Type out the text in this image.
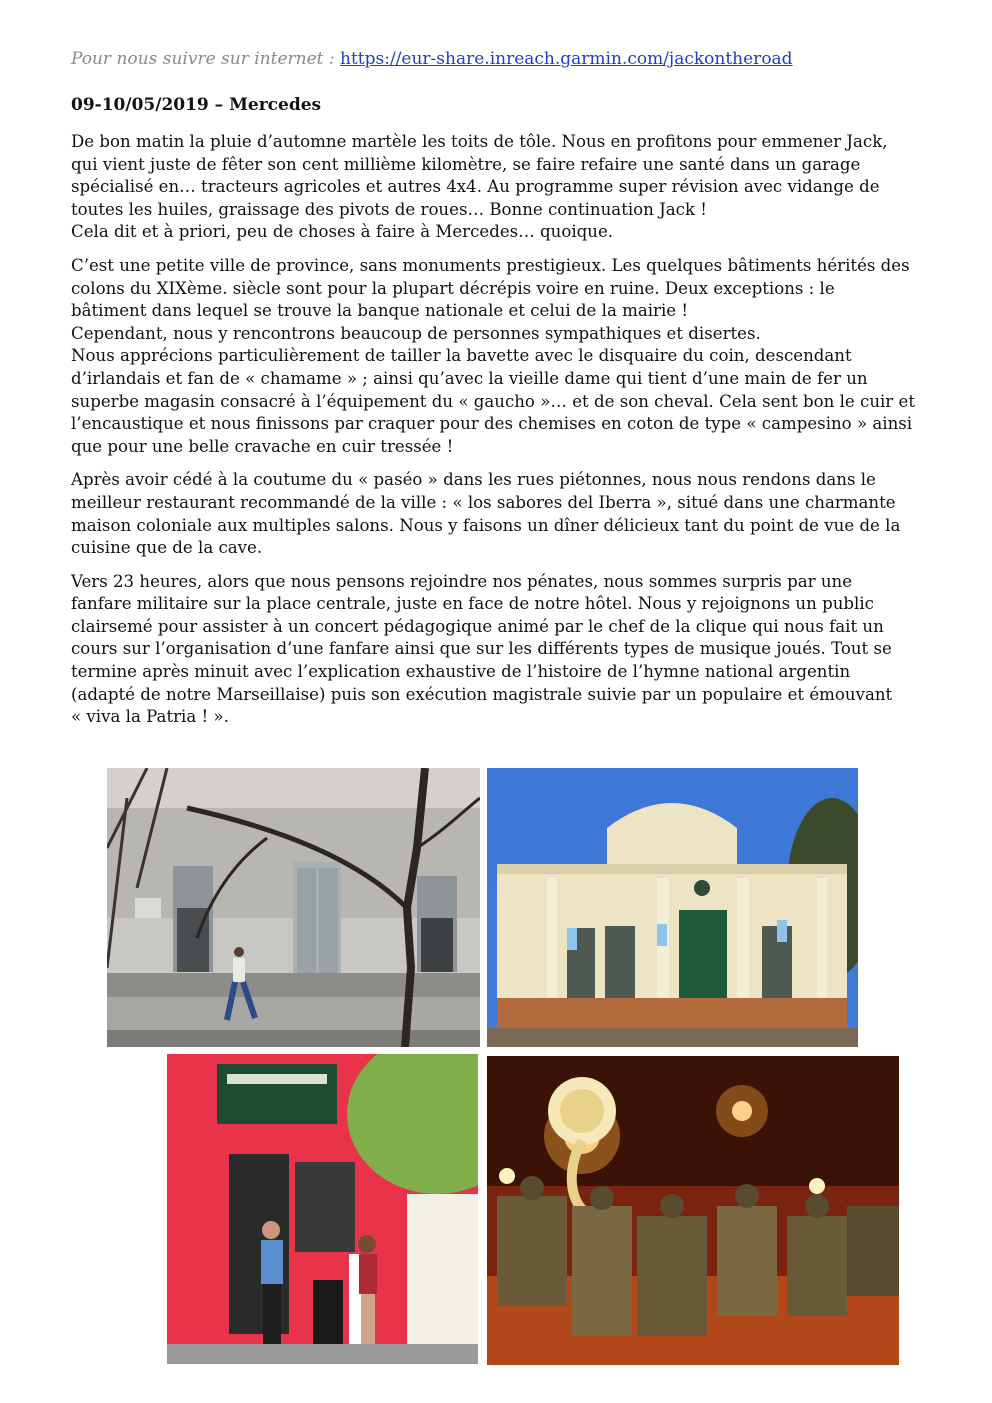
Pour nous suivre sur internet : https://eur-share.inreach.garmin.com/jackontheroad
09-10/05/2019 – Mercedes

De bon matin la pluie d’automne martèle les toits de tôle. Nous en profitons pour emmener Jack,
qui vient juste de fêter son cent millième kilomètre, se faire refaire une santé dans un garage
spécialisé en… tracteurs agricoles et autres 4x4. Au programme super révision avec vidange de
toutes les huiles, graissage des pivots de roues… Bonne continuation Jack !
Cela dit et à priori, peu de choses à faire à Mercedes… quoique.

C’est une petite ville de province, sans monuments prestigieux. Les quelques bâtiments hérités des
colons du XIXème. siècle sont pour la plupart décrépis voire en ruine. Deux exceptions : le
bâtiment dans lequel se trouve la banque nationale et celui de la mairie !
Cependant, nous y rencontrons beaucoup de personnes sympathiques et disertes.
Nous apprécions particulièrement de tailler la bavette avec le disquaire du coin, descendant
d’irlandais et fan de « chamame » ; ainsi qu’avec la vieille dame qui tient d’une main de fer un
superbe magasin consacré à l’équipement du « gaucho »… et de son cheval. Cela sent bon le cuir et
l’encaustique et nous finissons par craquer pour des chemises en coton de type « campesino » ainsi
que pour une belle cravache en cuir tressée !

Après avoir cédé à la coutume du « paséo » dans les rues piétonnes, nous nous rendons dans le
meilleur restaurant recommandé de la ville : « los sabores del Iberra », situé dans une charmante
maison coloniale aux multiples salons. Nous y faisons un dîner délicieux tant du point de vue de la
cuisine que de la cave.

Vers 23 heures, alors que nous pensons rejoindre nos pénates, nous sommes surpris par une
fanfare militaire sur la place centrale, juste en face de notre hôtel. Nous y rejoignons un public
clairsemé pour assister à un concert pédagogique animé par le chef de la clique qui nous fait un
cours sur l’organisation d’une fanfare ainsi que sur les différents types de musique joués. Tout se
termine après minuit avec l’explication exhaustive de l’histoire de l’hymne national argentin
(adapté de notre Marseillaise) puis son exécution magistrale suivie par un populaire et émouvant
« viva la Patria ! ».
